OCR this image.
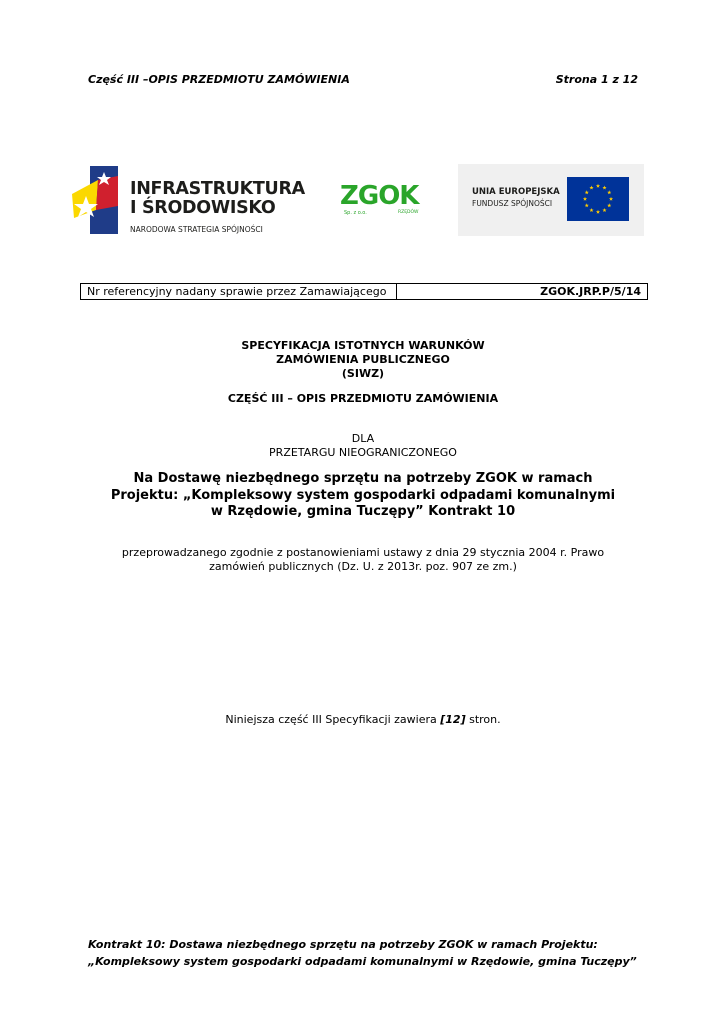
Część III –OPIS PRZEDMIOTU ZAMÓWIENIA	Strona 1 z 12
INFRASTRUKTURA
I ŚRODOWISKO
NARODOWA STRATEGIA SPÓJNOŚCI
ZGOK
Sp. z o.o.	RZĘDÓW
UNIA EUROPEJSKA
FUNDUSZ SPÓJNOŚCI
Nr referencyjny nadany sprawie przez Zamawiającego	ZGOK.JRP.P/5/14
SPECYFIKACJA ISTOTNYCH WARUNKÓW
ZAMÓWIENIA PUBLICZNEGO
(SIWZ)
CZĘŚĆ III – OPIS PRZEDMIOTU ZAMÓWIENIA
DLA
PRZETARGU NIEOGRANICZONEGO
Na Dostawę niezbędnego sprzętu na potrzeby ZGOK w ramach
Projektu: „Kompleksowy system gospodarki odpadami komunalnymi
w Rzędowie, gmina Tuczępy” Kontrakt 10
przeprowadzanego zgodnie z postanowieniami ustawy z dnia 29 stycznia 2004 r. Prawo
zamówień publicznych (Dz. U. z 2013r. poz. 907 ze zm.)
Niniejsza część III Specyfikacji zawiera [12] stron.
Kontrakt 10: Dostawa niezbędnego sprzętu na potrzeby ZGOK w ramach Projektu:
„Kompleksowy system gospodarki odpadami komunalnymi w Rzędowie, gmina Tuczępy”
